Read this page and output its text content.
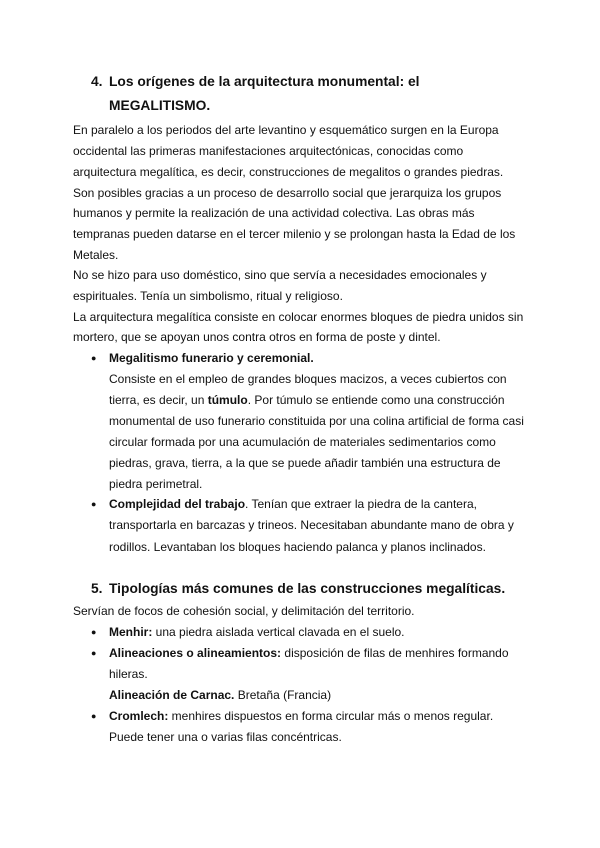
4. Los orígenes de la arquitectura monumental: el
MEGALITISMO.
En paralelo a los periodos del arte levantino y esquemático surgen en la Europa
occidental las primeras manifestaciones arquitectónicas, conocidas como
arquitectura megalítica, es decir, construcciones de megalitos o grandes piedras.
Son posibles gracias a un proceso de desarrollo social que jerarquiza los grupos
humanos y permite la realización de una actividad colectiva. Las obras más
tempranas pueden datarse en el tercer milenio y se prolongan hasta la Edad de los
Metales.
No se hizo para uso doméstico, sino que servía a necesidades emocionales y
espirituales. Tenía un simbolismo, ritual y religioso.
La arquitectura megalítica consiste en colocar enormes bloques de piedra unidos sin
mortero, que se apoyan unos contra otros en forma de poste y dintel.
● Megalitismo funerario y ceremonial.
Consiste en el empleo de grandes bloques macizos, a veces cubiertos con
tierra, es decir, un túmulo. Por túmulo se entiende como una construcción
monumental de uso funerario constituida por una colina artificial de forma casi
circular formada por una acumulación de materiales sedimentarios como
piedras, grava, tierra, a la que se puede añadir también una estructura de
piedra perimetral.
● Complejidad del trabajo. Tenían que extraer la piedra de la cantera,
transportarla en barcazas y trineos. Necesitaban abundante mano de obra y
rodillos. Levantaban los bloques haciendo palanca y planos inclinados.
5. Tipologías más comunes de las construcciones megalíticas.
Servían de focos de cohesión social, y delimitación del territorio.
● Menhir: una piedra aislada vertical clavada en el suelo.
● Alineaciones o alineamientos: disposición de filas de menhires formando
hileras.
Alineación de Carnac. Bretaña (Francia)
● Cromlech: menhires dispuestos en forma circular más o menos regular.
Puede tener una o varias filas concéntricas.
